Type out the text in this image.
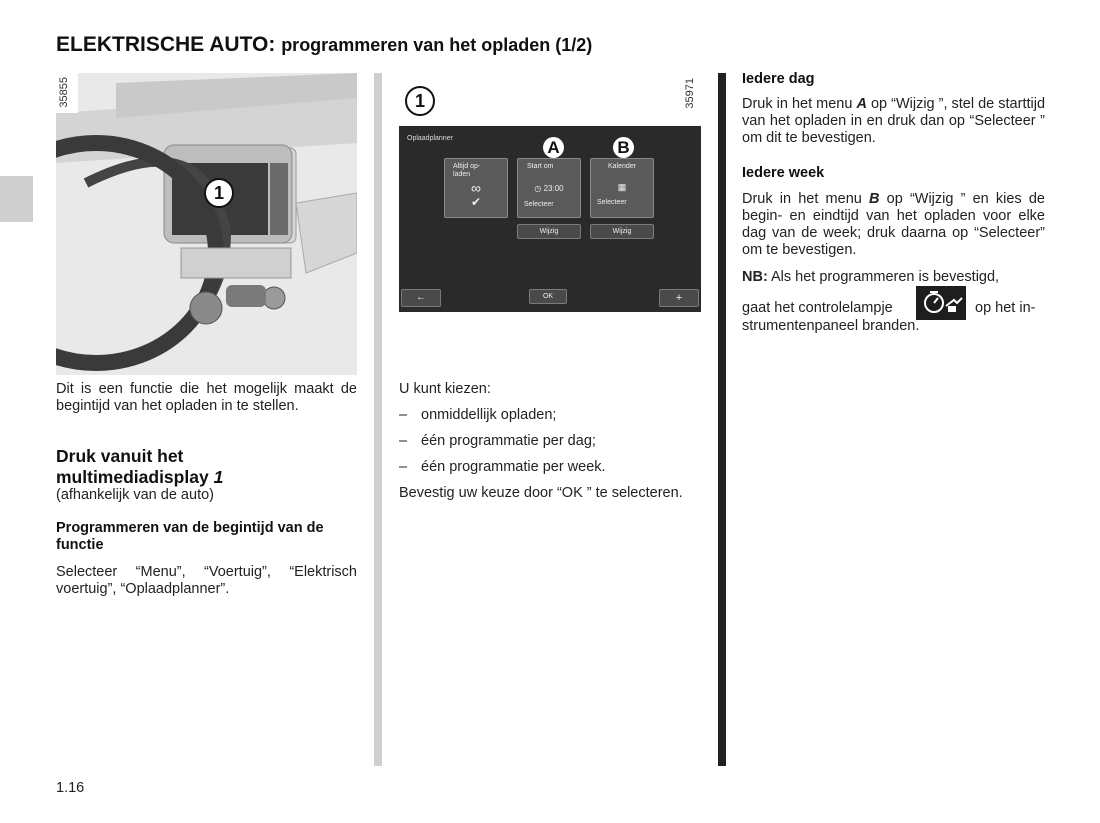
ELEKTRISCHE AUTO: programmeren van het opladen (1/2)
1
35855
Dit is een functie die het mogelijk maakt de begintijd van het opladen in te stellen.
Druk vanuit het
multimediadisplay 1
(afhankelijk van de auto)
Programmeren van de begintijd van de functie
Selecteer “Menu”, “Voertuig”, “Elektrisch voertuig”, “Oplaadplanner”.
1.16
1	35971
Oplaadplanner	A	B
Altijd op-
laden
∞
✔
Start om
◷ 23:00
Selecteer
Kalender
▦
Selecteer
Wijzig	Wijzig
←	OK	+
U kunt kiezen:
– onmiddellijk opladen;
– één programmatie per dag;
– één programmatie per week.
Bevestig uw keuze door “OK ” te selecteren.
Iedere dag
Druk in het menu A op “Wijzig ”, stel de starttijd van het opladen in en druk dan op “Selecteer ” om dit te bevestigen.
Iedere week
Druk in het menu B op “Wijzig ” en kies de begin- en eindtijd van het opladen voor elke dag van de week; druk daarna op “Selecteer” om te bevestigen.
NB: Als het programmeren is bevestigd,
gaat het controlelampje	op het in-
strumentenpaneel branden.
